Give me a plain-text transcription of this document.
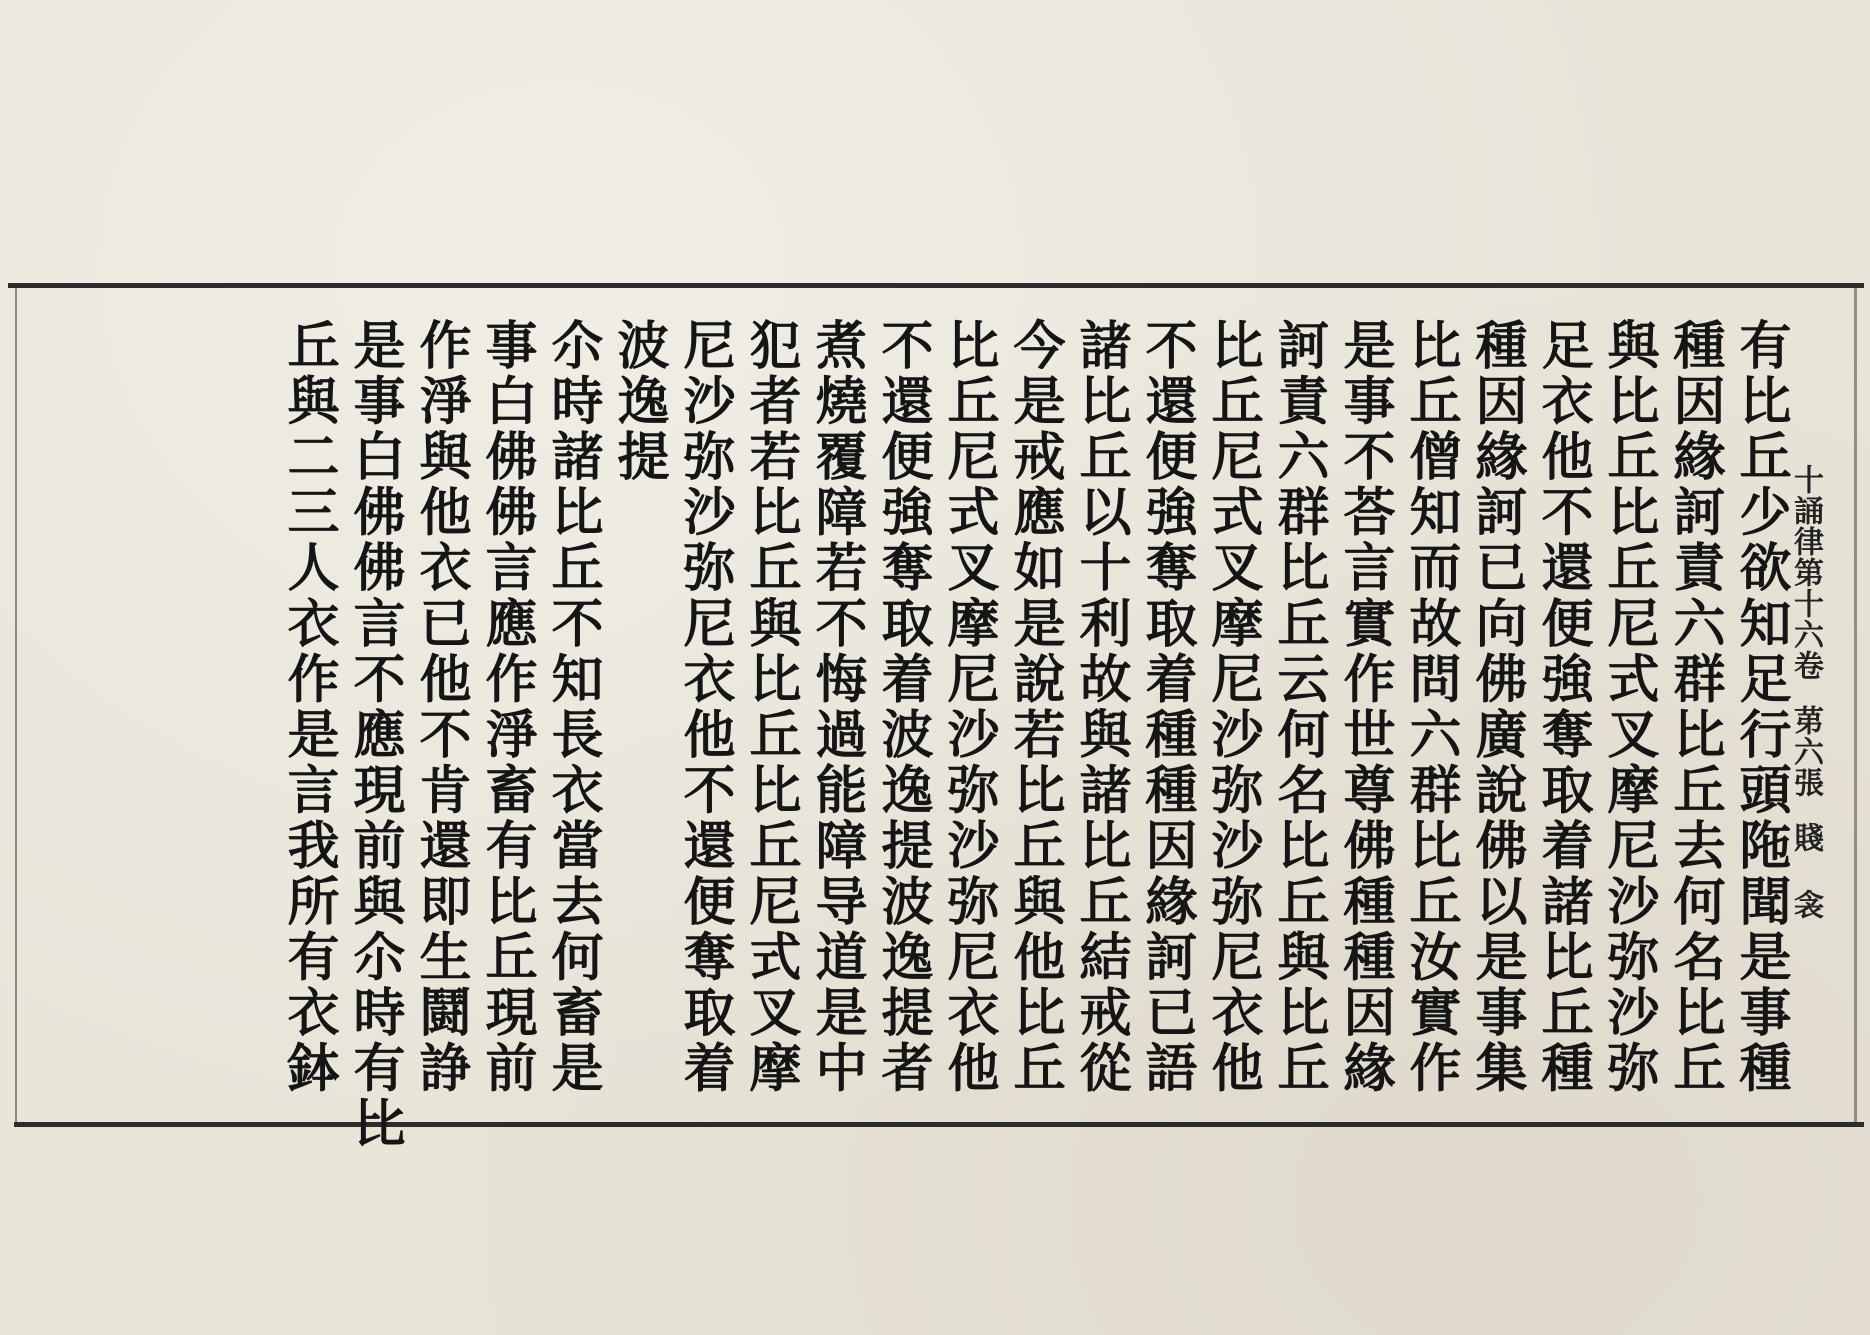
十誦律第十六卷苐六張賤 衾
有比丘少欲知足行頭陁聞是事種
種因緣訶責六群比丘去何名比丘
與比丘比丘尼式叉摩尼沙弥沙弥
足衣他不還便強奪取着諸比丘種
種因緣訶已向佛廣說佛以是事集
比丘僧知而故問六群比丘汝實作
是事不荅言實作世尊佛種種因緣
訶責六群比丘云何名比丘與比丘
比丘尼式叉摩尼沙弥沙弥尼衣他
不還便強奪取着種種因緣訶已語
諸比丘以十利故與諸比丘結戒從
今是戒應如是說若比丘與他比丘
比丘尼式叉摩尼沙弥沙弥尼衣他
不還便強奪取着波逸提波逸提者
煮燒覆障若不悔過能障导道是中
犯者若比丘與比丘比丘尼式叉摩
尼沙弥沙弥尼衣他不還便奪取着
波逸提
尒時諸比丘不知長衣當去何畜是
事白佛佛言應作淨畜有比丘現前
作淨與他衣已他不肯還即生鬪諍
是事白佛佛言不應現前與尒時有比
丘與二三人衣作是言我所有衣鉢
